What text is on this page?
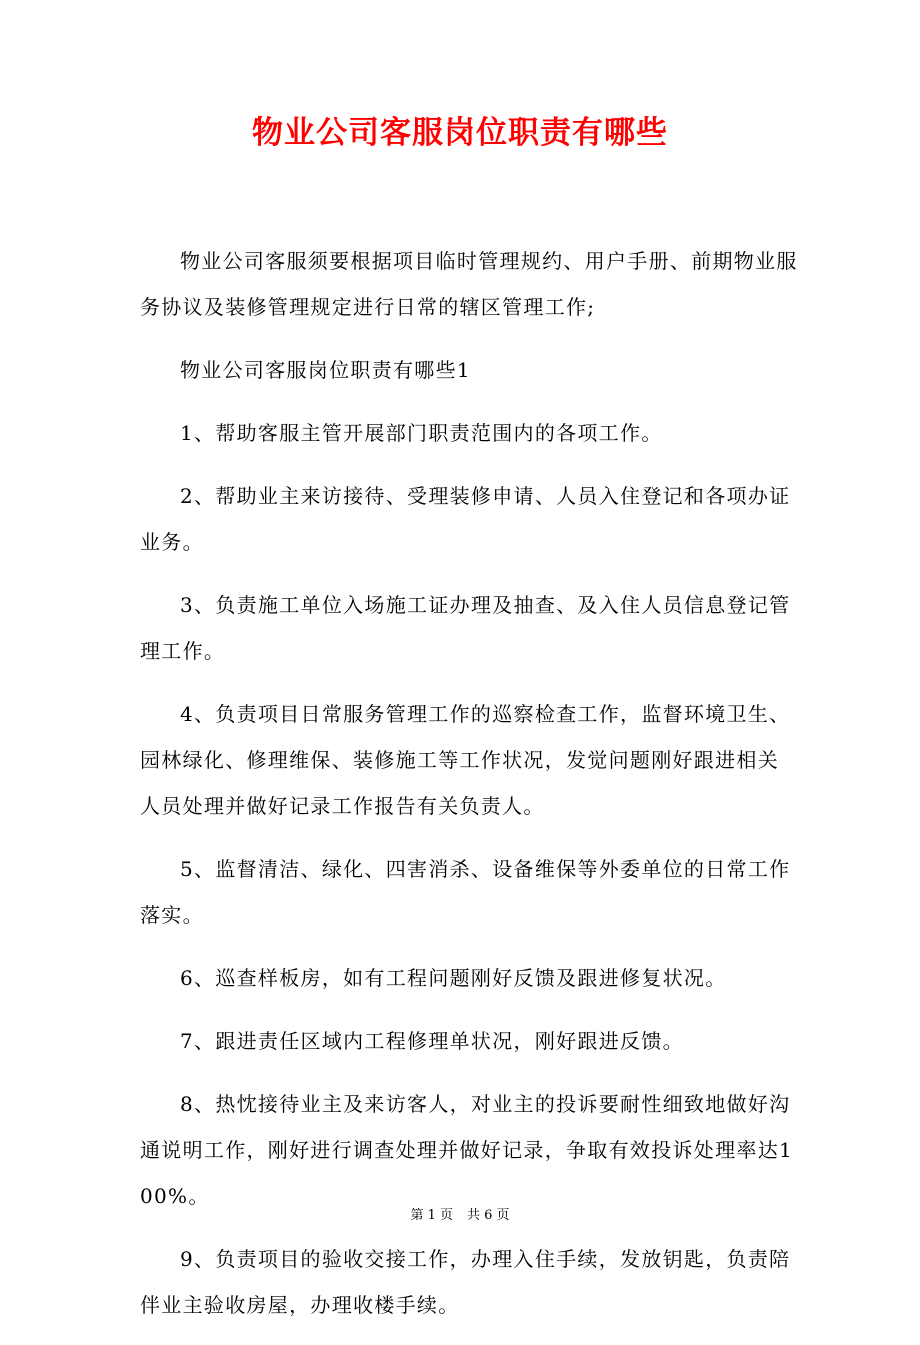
物业公司客服岗位职责有哪些

物业公司客服须要根据项目临时管理规约、用户手册、前期物业服务协议及装修管理规定进行日常的辖区管理工作;

物业公司客服岗位职责有哪些1

1、帮助客服主管开展部门职责范围内的各项工作。

2、帮助业主来访接待、受理装修申请、人员入住登记和各项办证业务。

3、负责施工单位入场施工证办理及抽查、及入住人员信息登记管理工作。

4、负责项目日常服务管理工作的巡察检查工作，监督环境卫生、园林绿化、修理维保、装修施工等工作状况，发觉问题刚好跟进相关人员处理并做好记录工作报告有关负责人。

5、监督清洁、绿化、四害消杀、设备维保等外委单位的日常工作落实。

6、巡查样板房，如有工程问题刚好反馈及跟进修复状况。

7、跟进责任区域内工程修理单状况，刚好跟进反馈。

8、热忱接待业主及来访客人，对业主的投诉要耐性细致地做好沟通说明工作，刚好进行调查处理并做好记录，争取有效投诉处理率达100%。

9、负责项目的验收交接工作，办理入住手续，发放钥匙，负责陪伴业主验收房屋，办理收楼手续。

第 1 页 共 6 页
